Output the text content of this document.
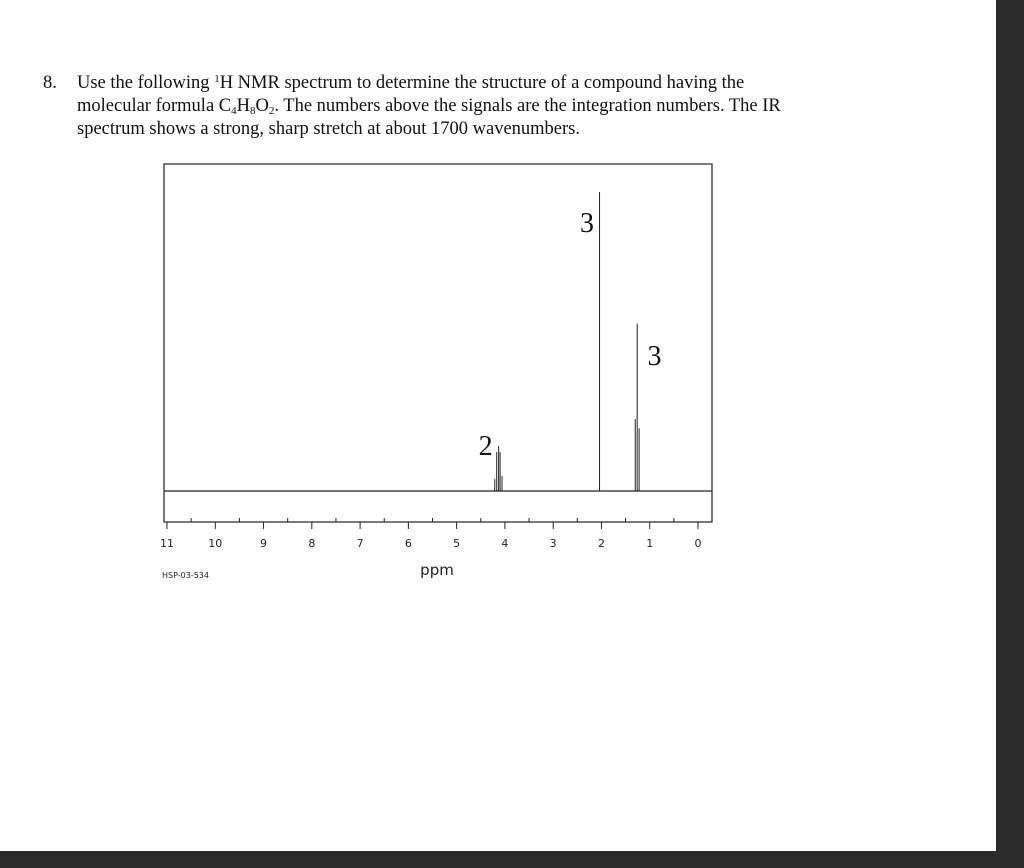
8. Use the following $^1$H NMR spectrum to determine the structure of a compound having the
molecular formula $C_4H_8O_2$. The numbers above the signals are the integration numbers. The IR
spectrum shows a strong, sharp stretch at about 1700 wavenumbers.
11	10	9	8	7	6	5	4	3	2	1	0
2
3
3
ppm
HSP-03-534
